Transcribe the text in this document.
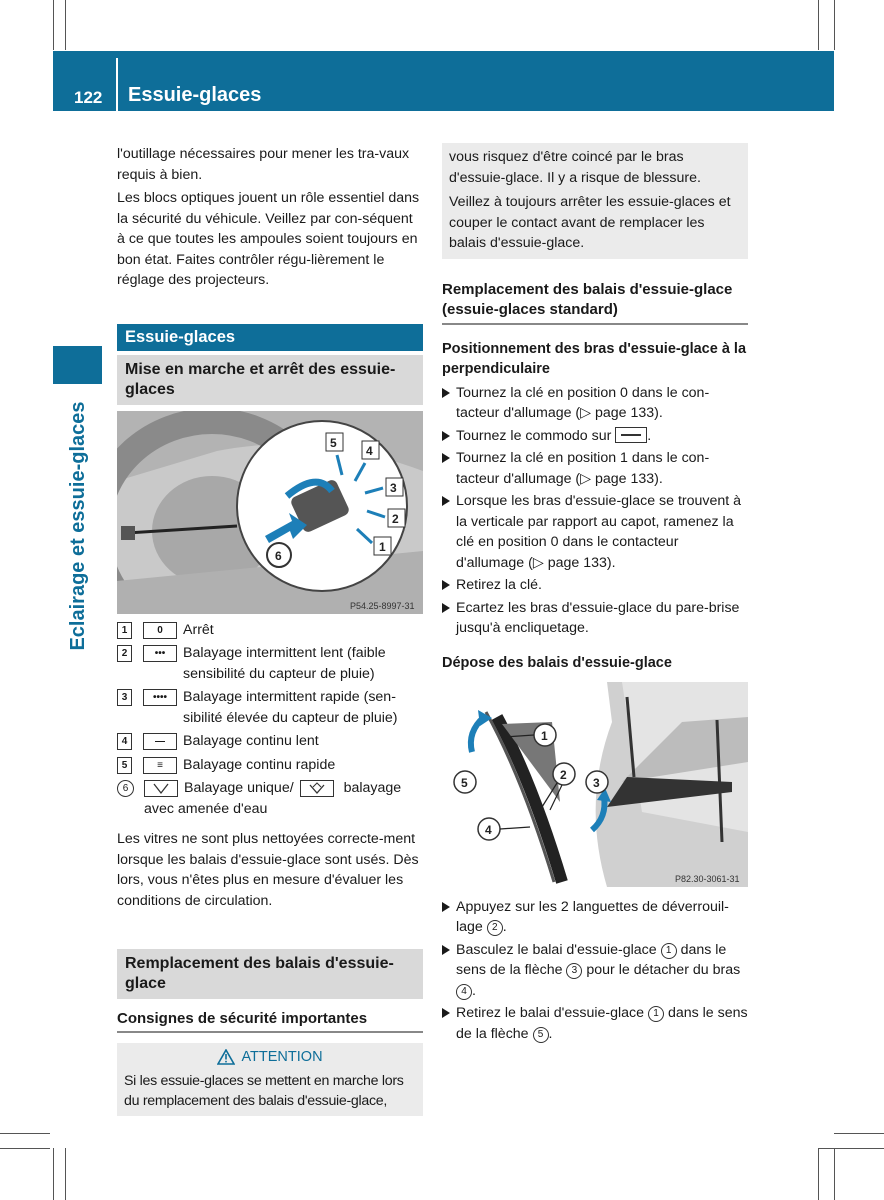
122 Essuie-glaces
Eclairage et essuie-glaces

l'outillage nécessaires pour mener les tra-vaux requis à bien.

Les blocs optiques jouent un rôle essentiel dans la sécurité du véhicule. Veillez par con-séquent à ce que toutes les ampoules soient toujours en bon état. Faites contrôler régu-lièrement le réglage des projecteurs.

Essuie-glaces
Mise en marche et arrêt des essuie-glaces
5
4
3
2
1
6
P54.25-8997-31
1	0	Arrêt
2	•••	Balayage intermittent lent (faible sensibilité du capteur de pluie)
3	••••	Balayage intermittent rapide (sen-sibilité élevée du capteur de pluie)
4	—	Balayage continu lent
5	≡	Balayage continu rapide
6	Balayage unique/	balayage avec amenée d'eau

Les vitres ne sont plus nettoyées correcte-ment lorsque les balais d'essuie-glace sont usés. Dès lors, vous n'êtes plus en mesure d'évaluer les conditions de circulation.

Remplacement des balais d'essuie-glace
Consignes de sécurité importantes
ATTENTION

Si les essuie-glaces se mettent en marche lors du remplacement des balais d'essuie-glace,

vous risquez d'être coincé par le bras d'essuie-glace. Il y a risque de blessure.

Veillez à toujours arrêter les essuie-glaces et couper le contact avant de remplacer les balais d'essuie-glace.

Remplacement des balais d'essuie-glace (essuie-glaces standard)
Positionnement des bras d'essuie-glace à la perpendiculaire
Tournez la clé en position 0 dans le con-tacteur d'allumage (▷ page 133).
Tournez le commodo sur	.
Tournez la clé en position 1 dans le con-tacteur d'allumage (▷ page 133).
Lorsque les bras d'essuie-glace se trouvent à la verticale par rapport au capot, ramenez la clé en position 0 dans le contacteur d'allumage (▷ page 133).
Retirez la clé.
Ecartez les bras d'essuie-glace du pare-brise jusqu'à encliquetage.
Dépose des balais d'essuie-glace
1
2
3
4
5
P82.30-3061-31
Appuyez sur les 2 languettes de déverrouil-lage 2 .
Basculez le balai d'essuie-glace 1 dans le sens de la flèche 3 pour le détacher du bras 4 .
Retirez le balai d'essuie-glace 1 dans le sens de la flèche 5 .
